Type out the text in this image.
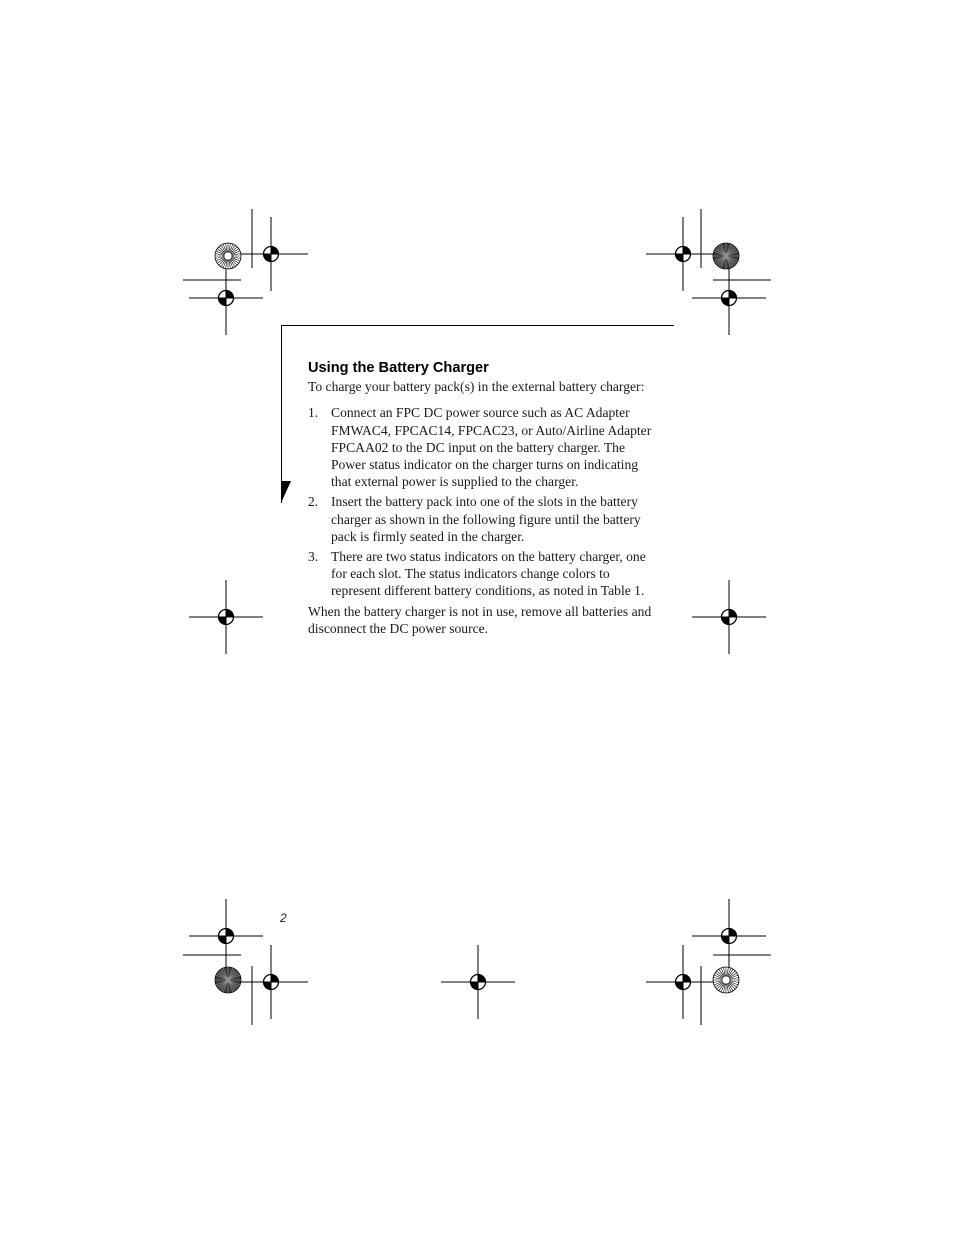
Using the Battery Charger

To charge your battery pack(s) in the external battery charger:

1. Connect an FPC DC power source such as AC Adapter FMWAC4, FPCAC14, FPCAC23, or Auto/Airline Adapter FPCAA02 to the DC input on the battery charger. The Power status indicator on the charger turns on indicating that external power is supplied to the charger.
2. Insert the battery pack into one of the slots in the battery charger as shown in the following figure until the battery pack is firmly seated in the charger.
3. There are two status indicators on the battery charger, one for each slot. The status indicators change colors to represent different battery conditions, as noted in Table 1.

When the battery charger is not in use, remove all batteries and disconnect the DC power source.

2
